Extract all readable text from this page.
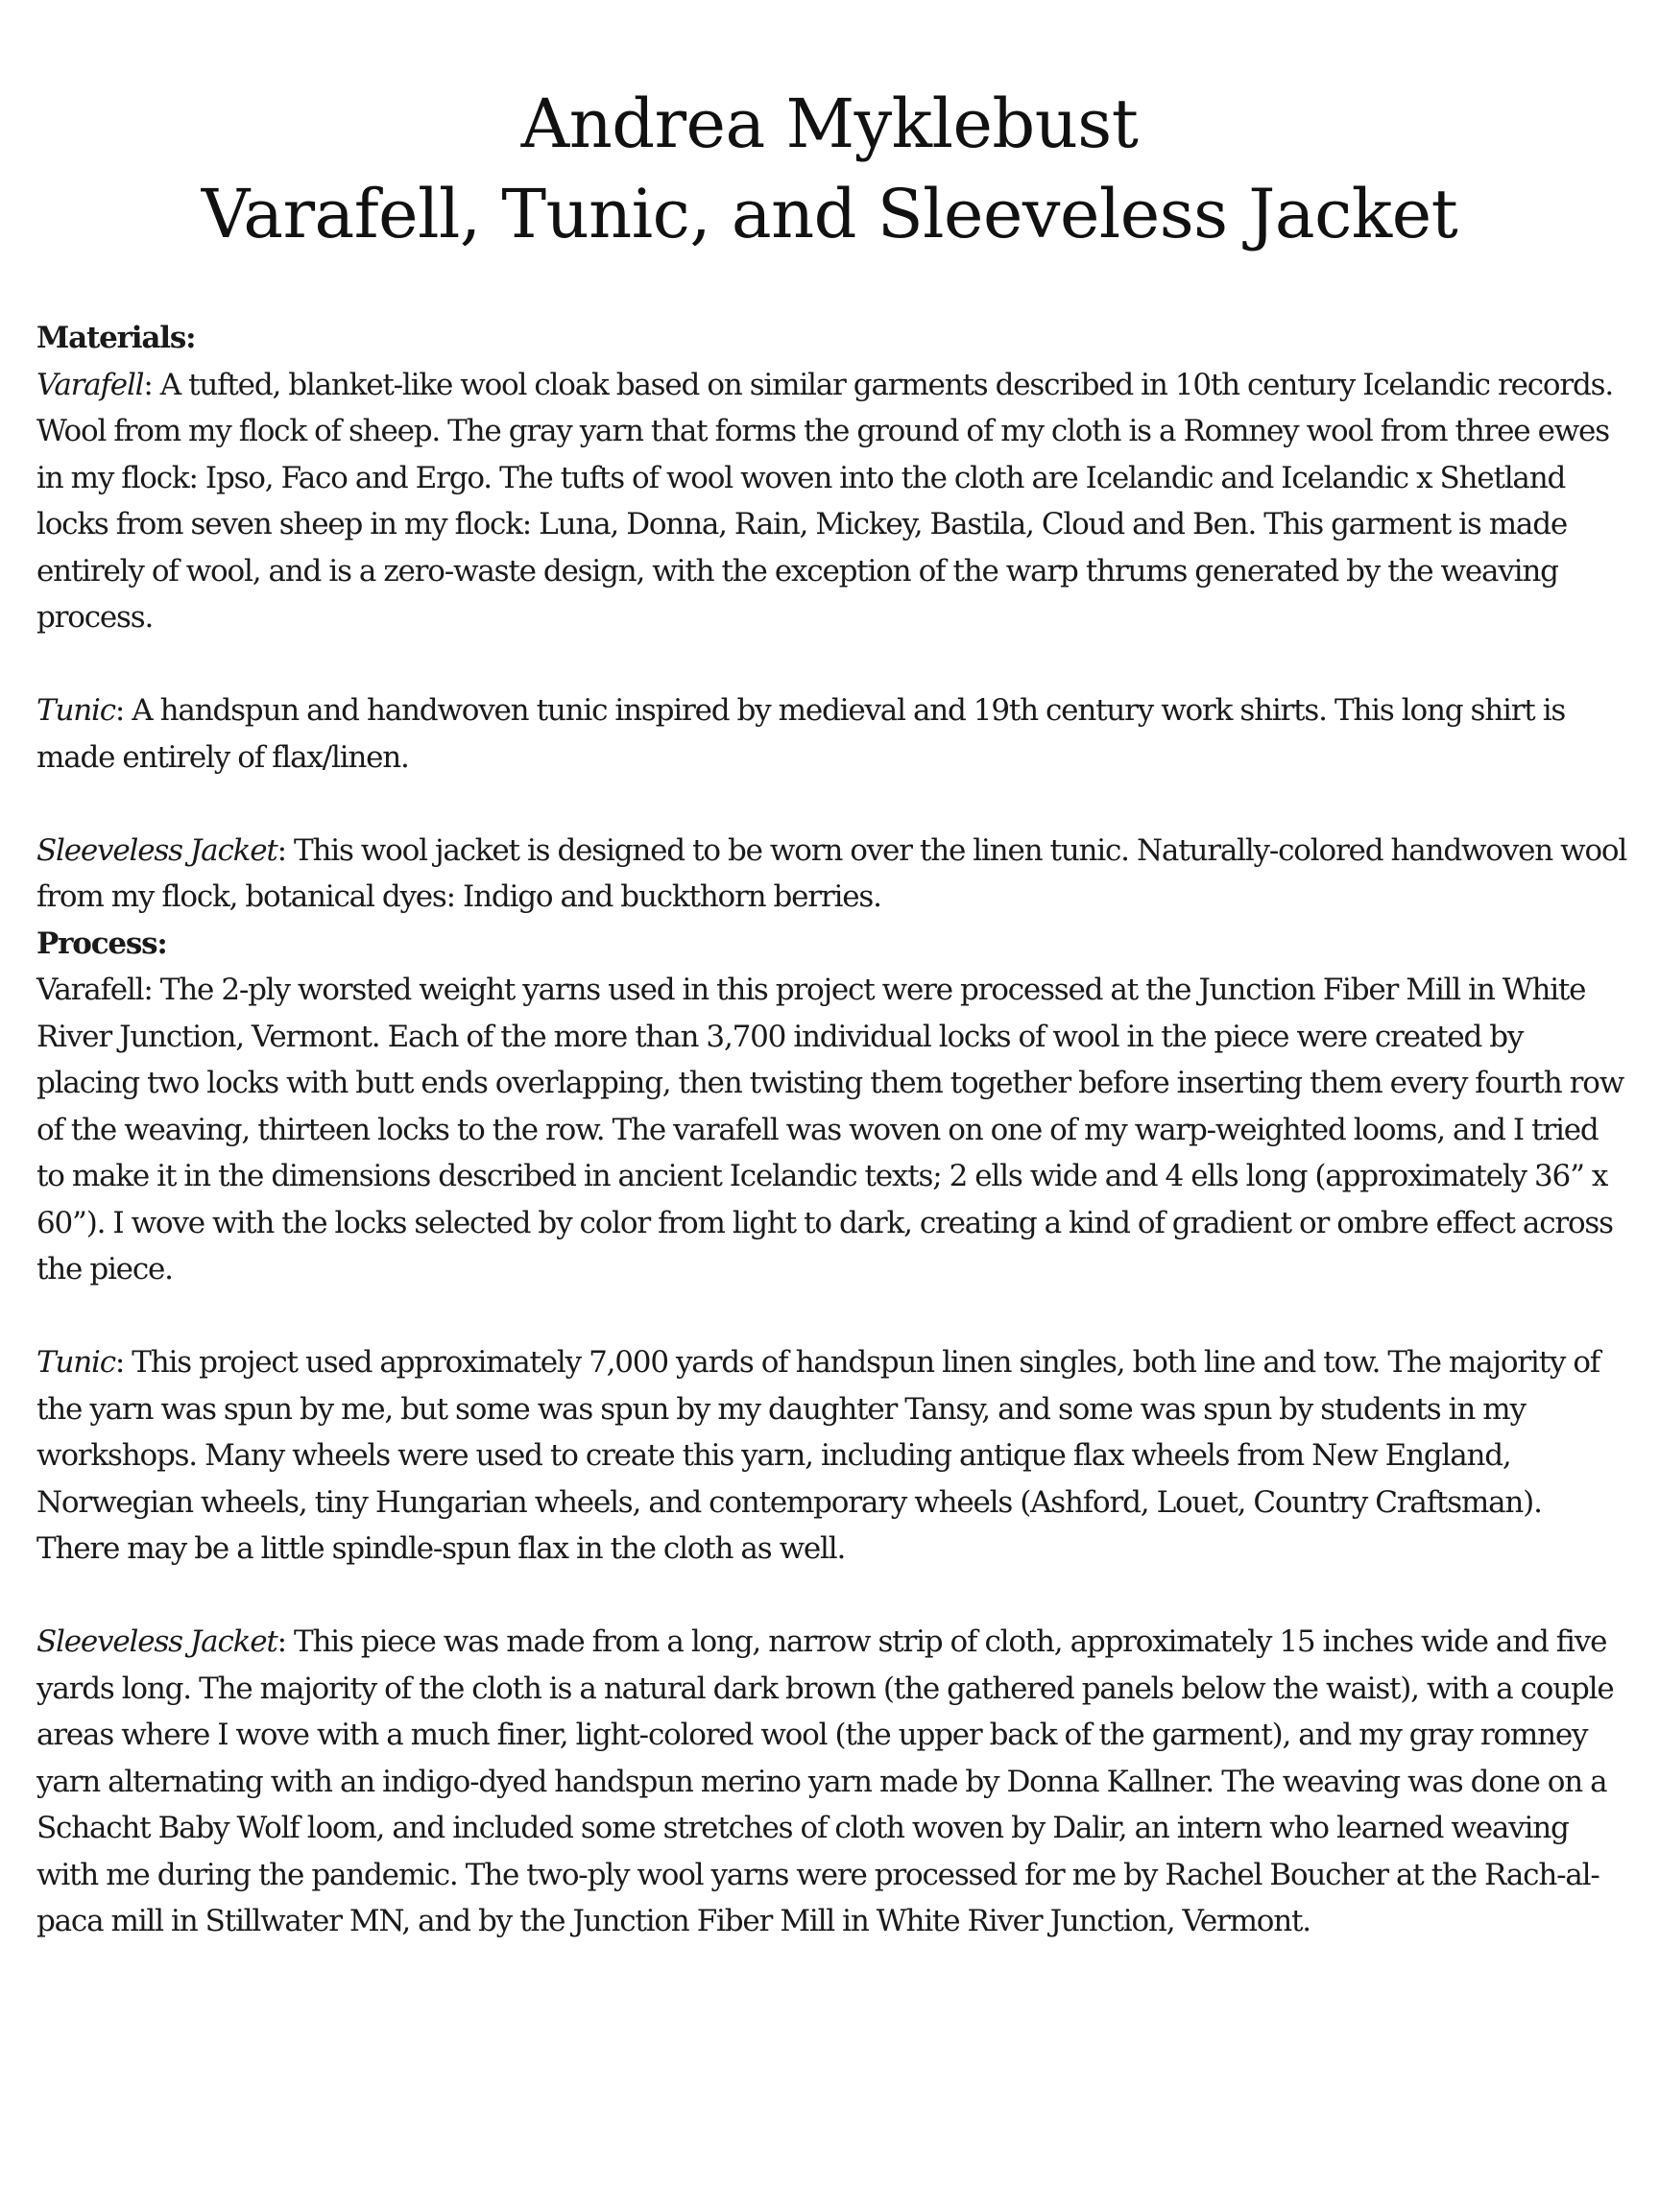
Andrea Myklebust
Varafell, Tunic, and Sleeveless Jacket

Materials:

Varafell: A tufted, blanket-like wool cloak based on similar garments described in 10th century Icelandic records.

Wool from my flock of sheep. The gray yarn that forms the ground of my cloth is a Romney wool from three ewes in my flock: Ipso, Faco and Ergo. The tufts of wool woven into the cloth are Icelandic and Icelandic x Shetland locks from seven sheep in my flock: Luna, Donna, Rain, Mickey, Bastila, Cloud and Ben. This garment is made entirely of wool, and is a zero-waste design, with the exception of the warp thrums generated by the weaving process.

Tunic: A handspun and handwoven tunic inspired by medieval and 19th century work shirts. This long shirt is made entirely of flax/linen.

Sleeveless Jacket: This wool jacket is designed to be worn over the linen tunic. Naturally-colored handwoven wool from my flock, botanical dyes: Indigo and buckthorn berries.

Process:

Varafell: The 2-ply worsted weight yarns used in this project were processed at the Junction Fiber Mill in White River Junction, Vermont. Each of the more than 3,700 individual locks of wool in the piece were created by placing two locks with butt ends overlapping, then twisting them together before inserting them every fourth row of the weaving, thirteen locks to the row. The varafell was woven on one of my warp-weighted looms, and I tried to make it in the dimensions described in ancient Icelandic texts; 2 ells wide and 4 ells long (approximately 36” x 60”). I wove with the locks selected by color from light to dark, creating a kind of gradient or ombre effect across the piece.

Tunic: This project used approximately 7,000 yards of handspun linen singles, both line and tow. The majority of the yarn was spun by me, but some was spun by my daughter Tansy, and some was spun by students in my workshops. Many wheels were used to create this yarn, including antique flax wheels from New England, Norwegian wheels, tiny Hungarian wheels, and contemporary wheels (Ashford, Louet, Country Craftsman). There may be a little spindle-spun flax in the cloth as well.

Sleeveless Jacket: This piece was made from a long, narrow strip of cloth, approximately 15 inches wide and five yards long. The majority of the cloth is a natural dark brown (the gathered panels below the waist), with a couple areas where I wove with a much finer, light-colored wool (the upper back of the garment), and my gray romney yarn alternating with an indigo-dyed handspun merino yarn made by Donna Kallner. The weaving was done on a Schacht Baby Wolf loom, and included some stretches of cloth woven by Dalir, an intern who learned weaving with me during the pandemic. The two-ply wool yarns were processed for me by Rachel Boucher at the Rach-al-paca mill in Stillwater MN, and by the Junction Fiber Mill in White River Junction, Vermont.
